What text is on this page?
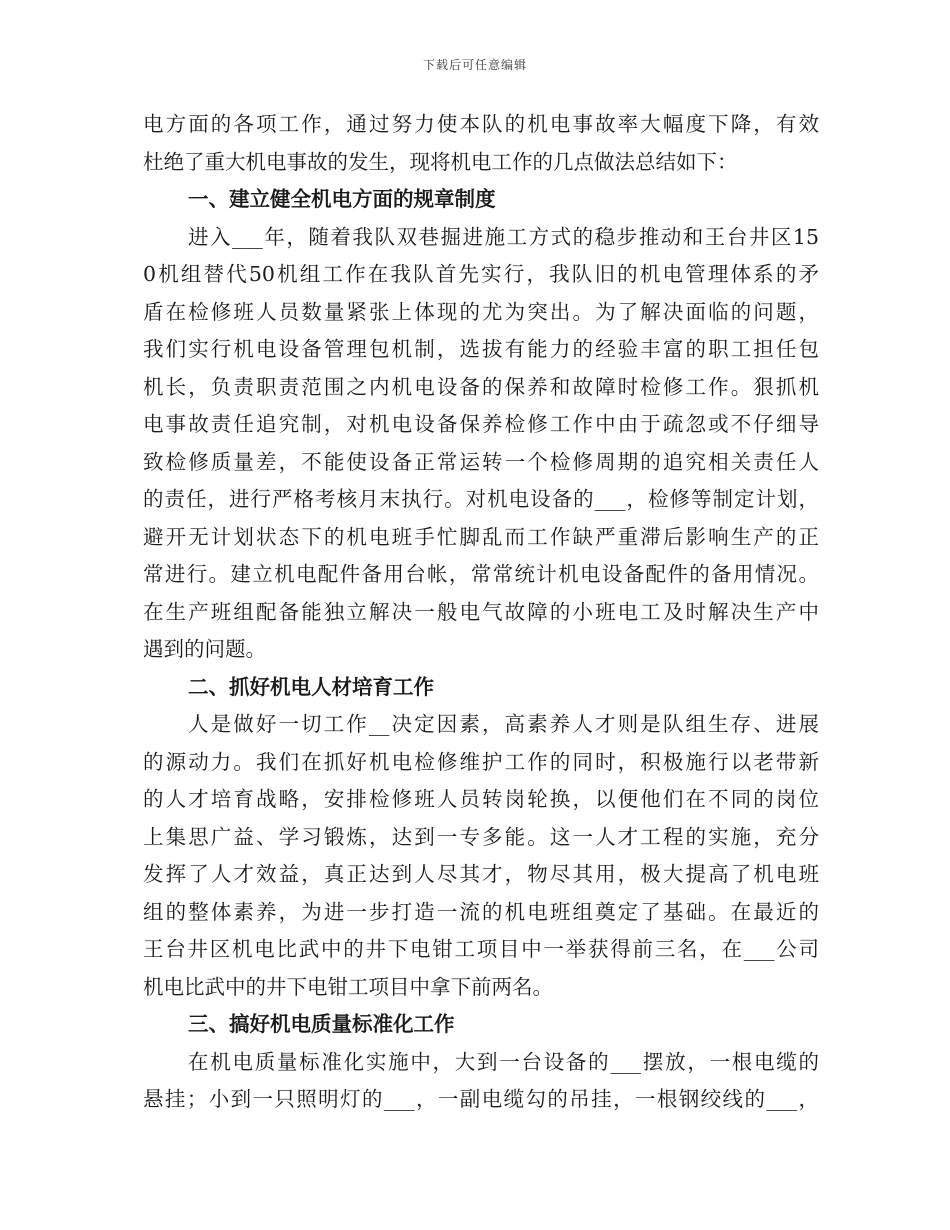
下载后可任意编辑
电方面的各项工作，通过努力使本队的机电事故率大幅度下降，有效
杜绝了重大机电事故的发生，现将机电工作的几点做法总结如下：
一、建立健全机电方面的规章制度
进入___年，随着我队双巷掘进施工方式的稳步推动和王台井区15
0机组替代50机组工作在我队首先实行，我队旧的机电管理体系的矛
盾在检修班人员数量紧张上体现的尤为突出。为了解决面临的问题，
我们实行机电设备管理包机制，选拔有能力的经验丰富的职工担任包
机长，负责职责范围之内机电设备的保养和故障时检修工作。狠抓机
电事故责任追究制，对机电设备保养检修工作中由于疏忽或不仔细导
致检修质量差，不能使设备正常运转一个检修周期的追究相关责任人
的责任，进行严格考核月末执行。对机电设备的___，检修等制定计划，
避开无计划状态下的机电班手忙脚乱而工作缺严重滞后影响生产的正
常进行。建立机电配件备用台帐，常常统计机电设备配件的备用情况。
在生产班组配备能独立解决一般电气故障的小班电工及时解决生产中
遇到的问题。
二、抓好机电人材培育工作
人是做好一切工作__决定因素，高素养人才则是队组生存、进展
的源动力。我们在抓好机电检修维护工作的同时，积极施行以老带新
的人才培育战略，安排检修班人员转岗轮换，以便他们在不同的岗位
上集思广益、学习锻炼，达到一专多能。这一人才工程的实施，充分
发挥了人才效益，真正达到人尽其才，物尽其用，极大提高了机电班
组的整体素养，为进一步打造一流的机电班组奠定了基础。在最近的
王台井区机电比武中的井下电钳工项目中一举获得前三名，在___公司
机电比武中的井下电钳工项目中拿下前两名。
三、搞好机电质量标准化工作
在机电质量标准化实施中，大到一台设备的___摆放，一根电缆的
悬挂；小到一只照明灯的___，一副电缆勾的吊挂，一根钢绞线的___，
